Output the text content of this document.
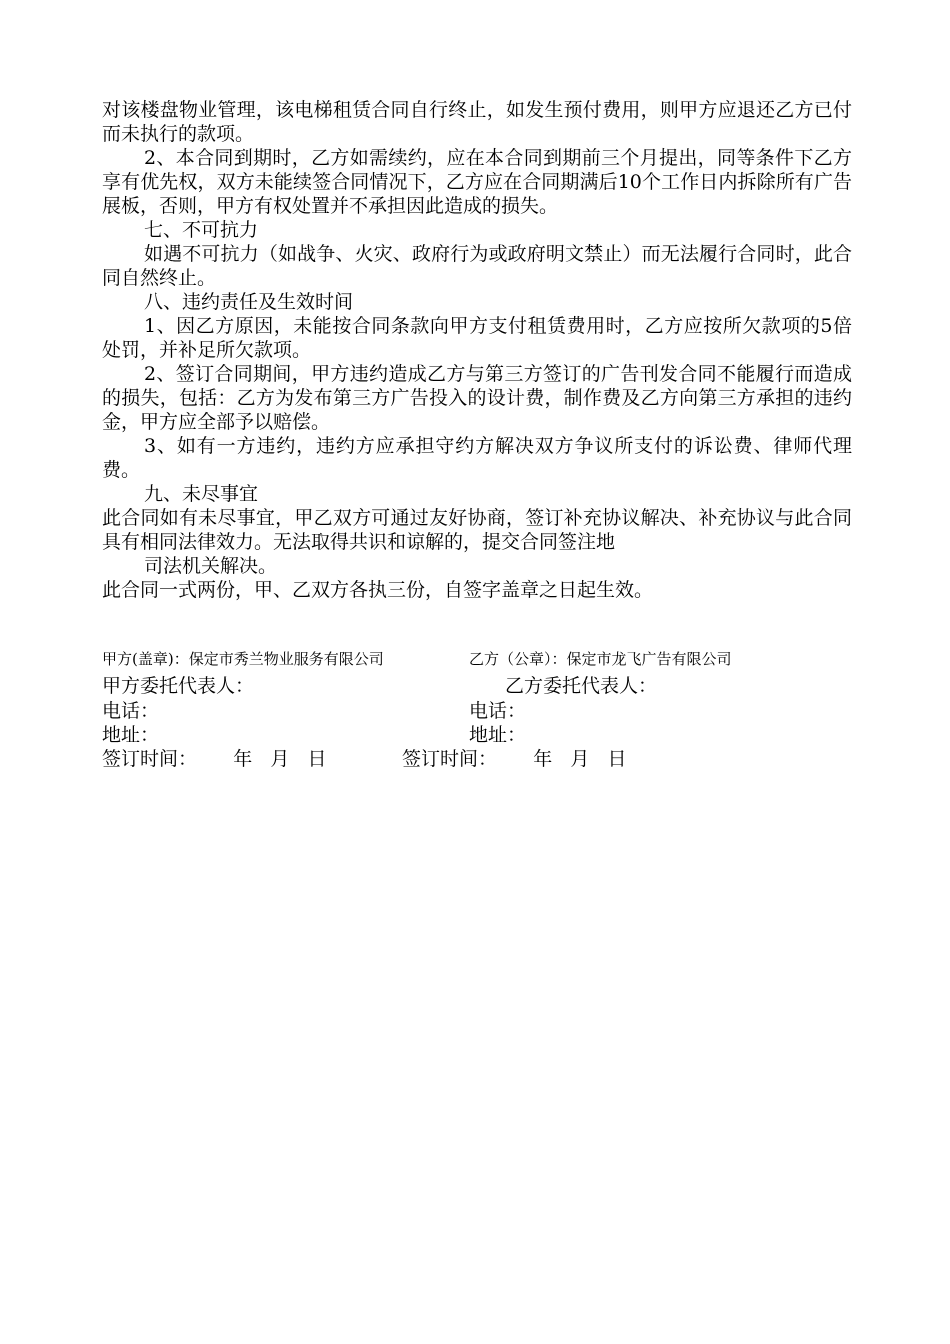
对该楼盘物业管理，该电梯租赁合同自行终止，如发生预付费用，则甲方应退还乙方已付而未执行的款项。

2、本合同到期时，乙方如需续约，应在本合同到期前三个月提出，同等条件下乙方享有优先权，双方未能续签合同情况下，乙方应在合同期满后10个工作日内拆除所有广告展板，否则，甲方有权处置并不承担因此造成的损失。

七、不可抗力

如遇不可抗力（如战争、火灾、政府行为或政府明文禁止）而无法履行合同时，此合同自然终止。

八、违约责任及生效时间

1、因乙方原因，未能按合同条款向甲方支付租赁费用时，乙方应按所欠款项的5倍处罚，并补足所欠款项。

2、签订合同期间，甲方违约造成乙方与第三方签订的广告刊发合同不能履行而造成的损失，包括：乙方为发布第三方广告投入的设计费，制作费及乙方向第三方承担的违约金，甲方应全部予以赔偿。

3、如有一方违约，违约方应承担守约方解决双方争议所支付的诉讼费、律师代理费。

九、未尽事宜

此合同如有未尽事宜，甲乙双方可通过友好协商，签订补充协议解决、补充协议与此合同具有相同法律效力。无法取得共识和谅解的，提交合同签注地

司法机关解决。

此合同一式两份，甲、乙双方各执三份，自签字盖章之日起生效。

甲方(盖章)：保定市秀兰物业服务有限公司	乙方（公章）：保定市龙飞广告有限公司
甲方委托代表人：	乙方委托代表人：
电话：	电话：
地址：	地址：
签订时间：      年   月   日	签订时间：      年   月   日
